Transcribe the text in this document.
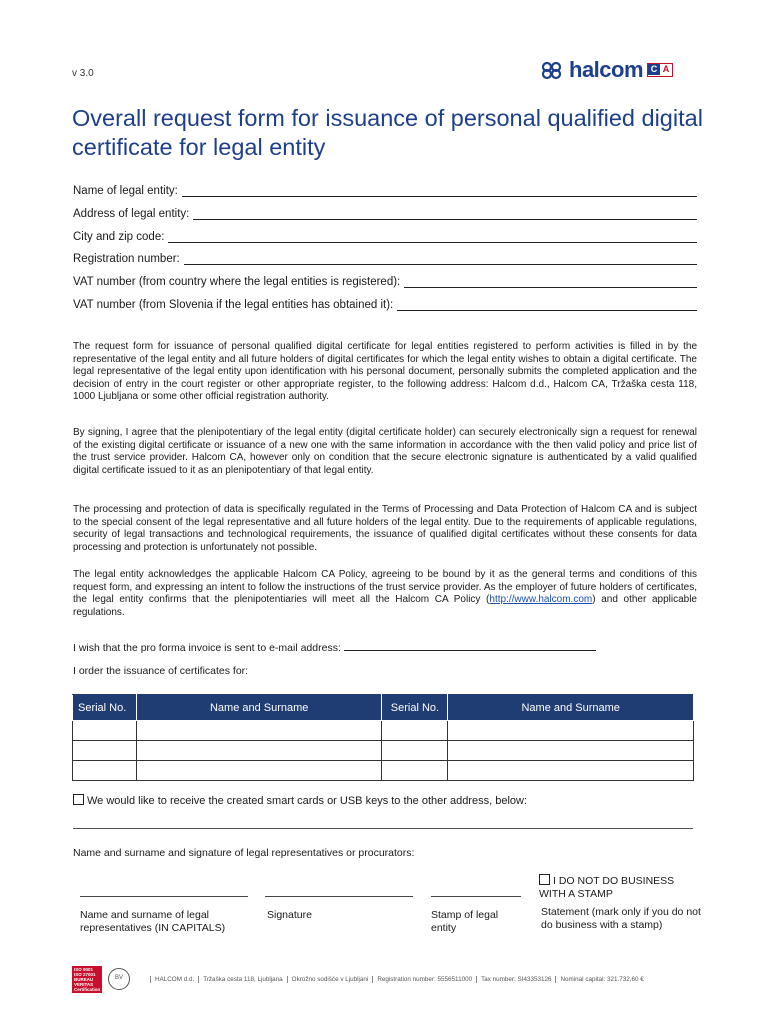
v 3.0	halcom C A
Overall request form for issuance of personal qualified digital certificate for legal entity
Name of legal entity:
Address of legal entity:
City and zip code:
Registration number:
VAT number (from country where the legal entities is registered):
VAT number (from Slovenia if the legal entities has obtained it):

The request form for issuance of personal qualified digital certificate for legal entities registered to perform activities is filled in by the representative of the legal entity and all future holders of digital certificates for which the legal entity wishes to obtain a digital certificate. The legal representative of the legal entity upon identification with his personal document, personally submits the completed application and the decision of entry in the court register or other appropriate register, to the following address: Halcom d.d., Halcom CA, Tržaška cesta 118, 1000 Ljubljana or some other official registration authority.

By signing, I agree that the plenipotentiary of the legal entity (digital certificate holder) can securely electronically sign a request for renewal of the existing digital certificate or issuance of a new one with the same information in accordance with the then valid policy and price list of the trust service provider. Halcom CA, however only on condition that the secure electronic signature is authenticated by a valid qualified digital certificate issued to it as an plenipotentiary of that legal entity.

The processing and protection of data is specifically regulated in the Terms of Processing and Data Protection of Halcom CA and is subject to the special consent of the legal representative and all future holders of the legal entity. Due to the requirements of applicable regulations, security of legal transactions and technological requirements, the issuance of qualified digital certificates without these consents for data processing and protection is unfortunately not possible.

The legal entity acknowledges the applicable Halcom CA Policy, agreeing to be bound by it as the general terms and conditions of this request form, and expressing an intent to follow the instructions of the trust service provider. As the employer of future holders of certificates, the legal entity confirms that the plenipotentiaries will meet all the Halcom CA Policy (http://www.halcom.com) and other applicable regulations.

I wish that the pro forma invoice is sent to e-mail address:
I order the issuance of certificates for:
Serial No.	Name and Surname	Serial No.	Name and Surname

We would like to receive the created smart cards or USB keys to the other address, below:
Name and surname and signature of legal representatives or procurators:
I DO NOT DO BUSINESS WITH A STAMP
Name and surname of legal representatives (IN CAPITALS)
Signature	Stamp of legal entity
Statement (mark only if you do not do business with a stamp)
ISO 9001 ISO 27001 BUREAU VERITAS Certification
BV	HALCOM d.d.	Tržaška cesta 118, Ljubljana	Okrožno sodišče v Ljubljani	Registration number: 5556511000	Tax number: SI43353126	Nominal capital: 321.732,60 €
